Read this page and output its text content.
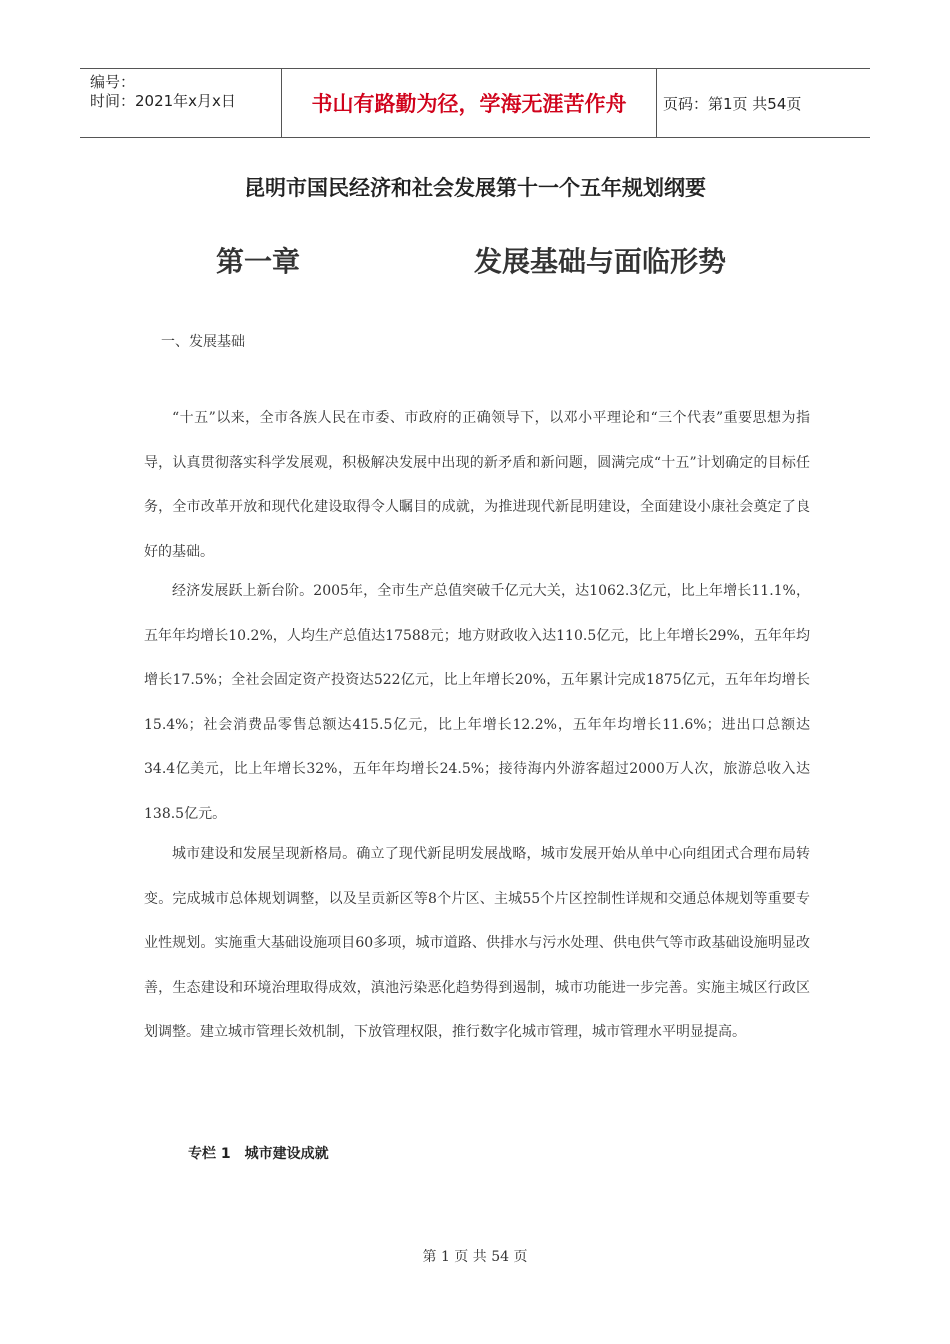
编号：
时间：2021年x月x日	书山有路勤为径，学海无涯苦作舟	页码：第1页 共54页
昆明市国民经济和社会发展第十一个五年规划纲要
第一章	发展基础与面临形势
一、发展基础

“十五”以来，全市各族人民在市委、市政府的正确领导下，以邓小平理论和“三个代表”重要思想为指导，认真贯彻落实科学发展观，积极解决发展中出现的新矛盾和新问题，圆满完成“十五”计划确定的目标任务，全市改革开放和现代化建设取得令人瞩目的成就，为推进现代新昆明建设，全面建设小康社会奠定了良好的基础。

经济发展跃上新台阶。2005年，全市生产总值突破千亿元大关，达1062.3亿元，比上年增长11.1%，五年年均增长10.2%，人均生产总值达17588元；地方财政收入达110.5亿元，比上年增长29%，五年年均增长17.5%；全社会固定资产投资达522亿元，比上年增长20%，五年累计完成1875亿元，五年年均增长15.4%；社会消费品零售总额达415.5亿元，比上年增长12.2%，五年年均增长11.6%；进出口总额达34.4亿美元，比上年增长32%，五年年均增长24.5%；接待海内外游客超过2000万人次，旅游总收入达138.5亿元。

城市建设和发展呈现新格局。确立了现代新昆明发展战略，城市发展开始从单中心向组团式合理布局转变。完成城市总体规划调整，以及呈贡新区等8个片区、主城55个片区控制性详规和交通总体规划等重要专业性规划。实施重大基础设施项目60多项，城市道路、供排水与污水处理、供电供气等市政基础设施明显改善，生态建设和环境治理取得成效，滇池污染恶化趋势得到遏制，城市功能进一步完善。实施主城区行政区划调整。建立城市管理长效机制，下放管理权限，推行数字化城市管理，城市管理水平明显提高。

专栏 1　城市建设成就
第 1 页 共 54 页
